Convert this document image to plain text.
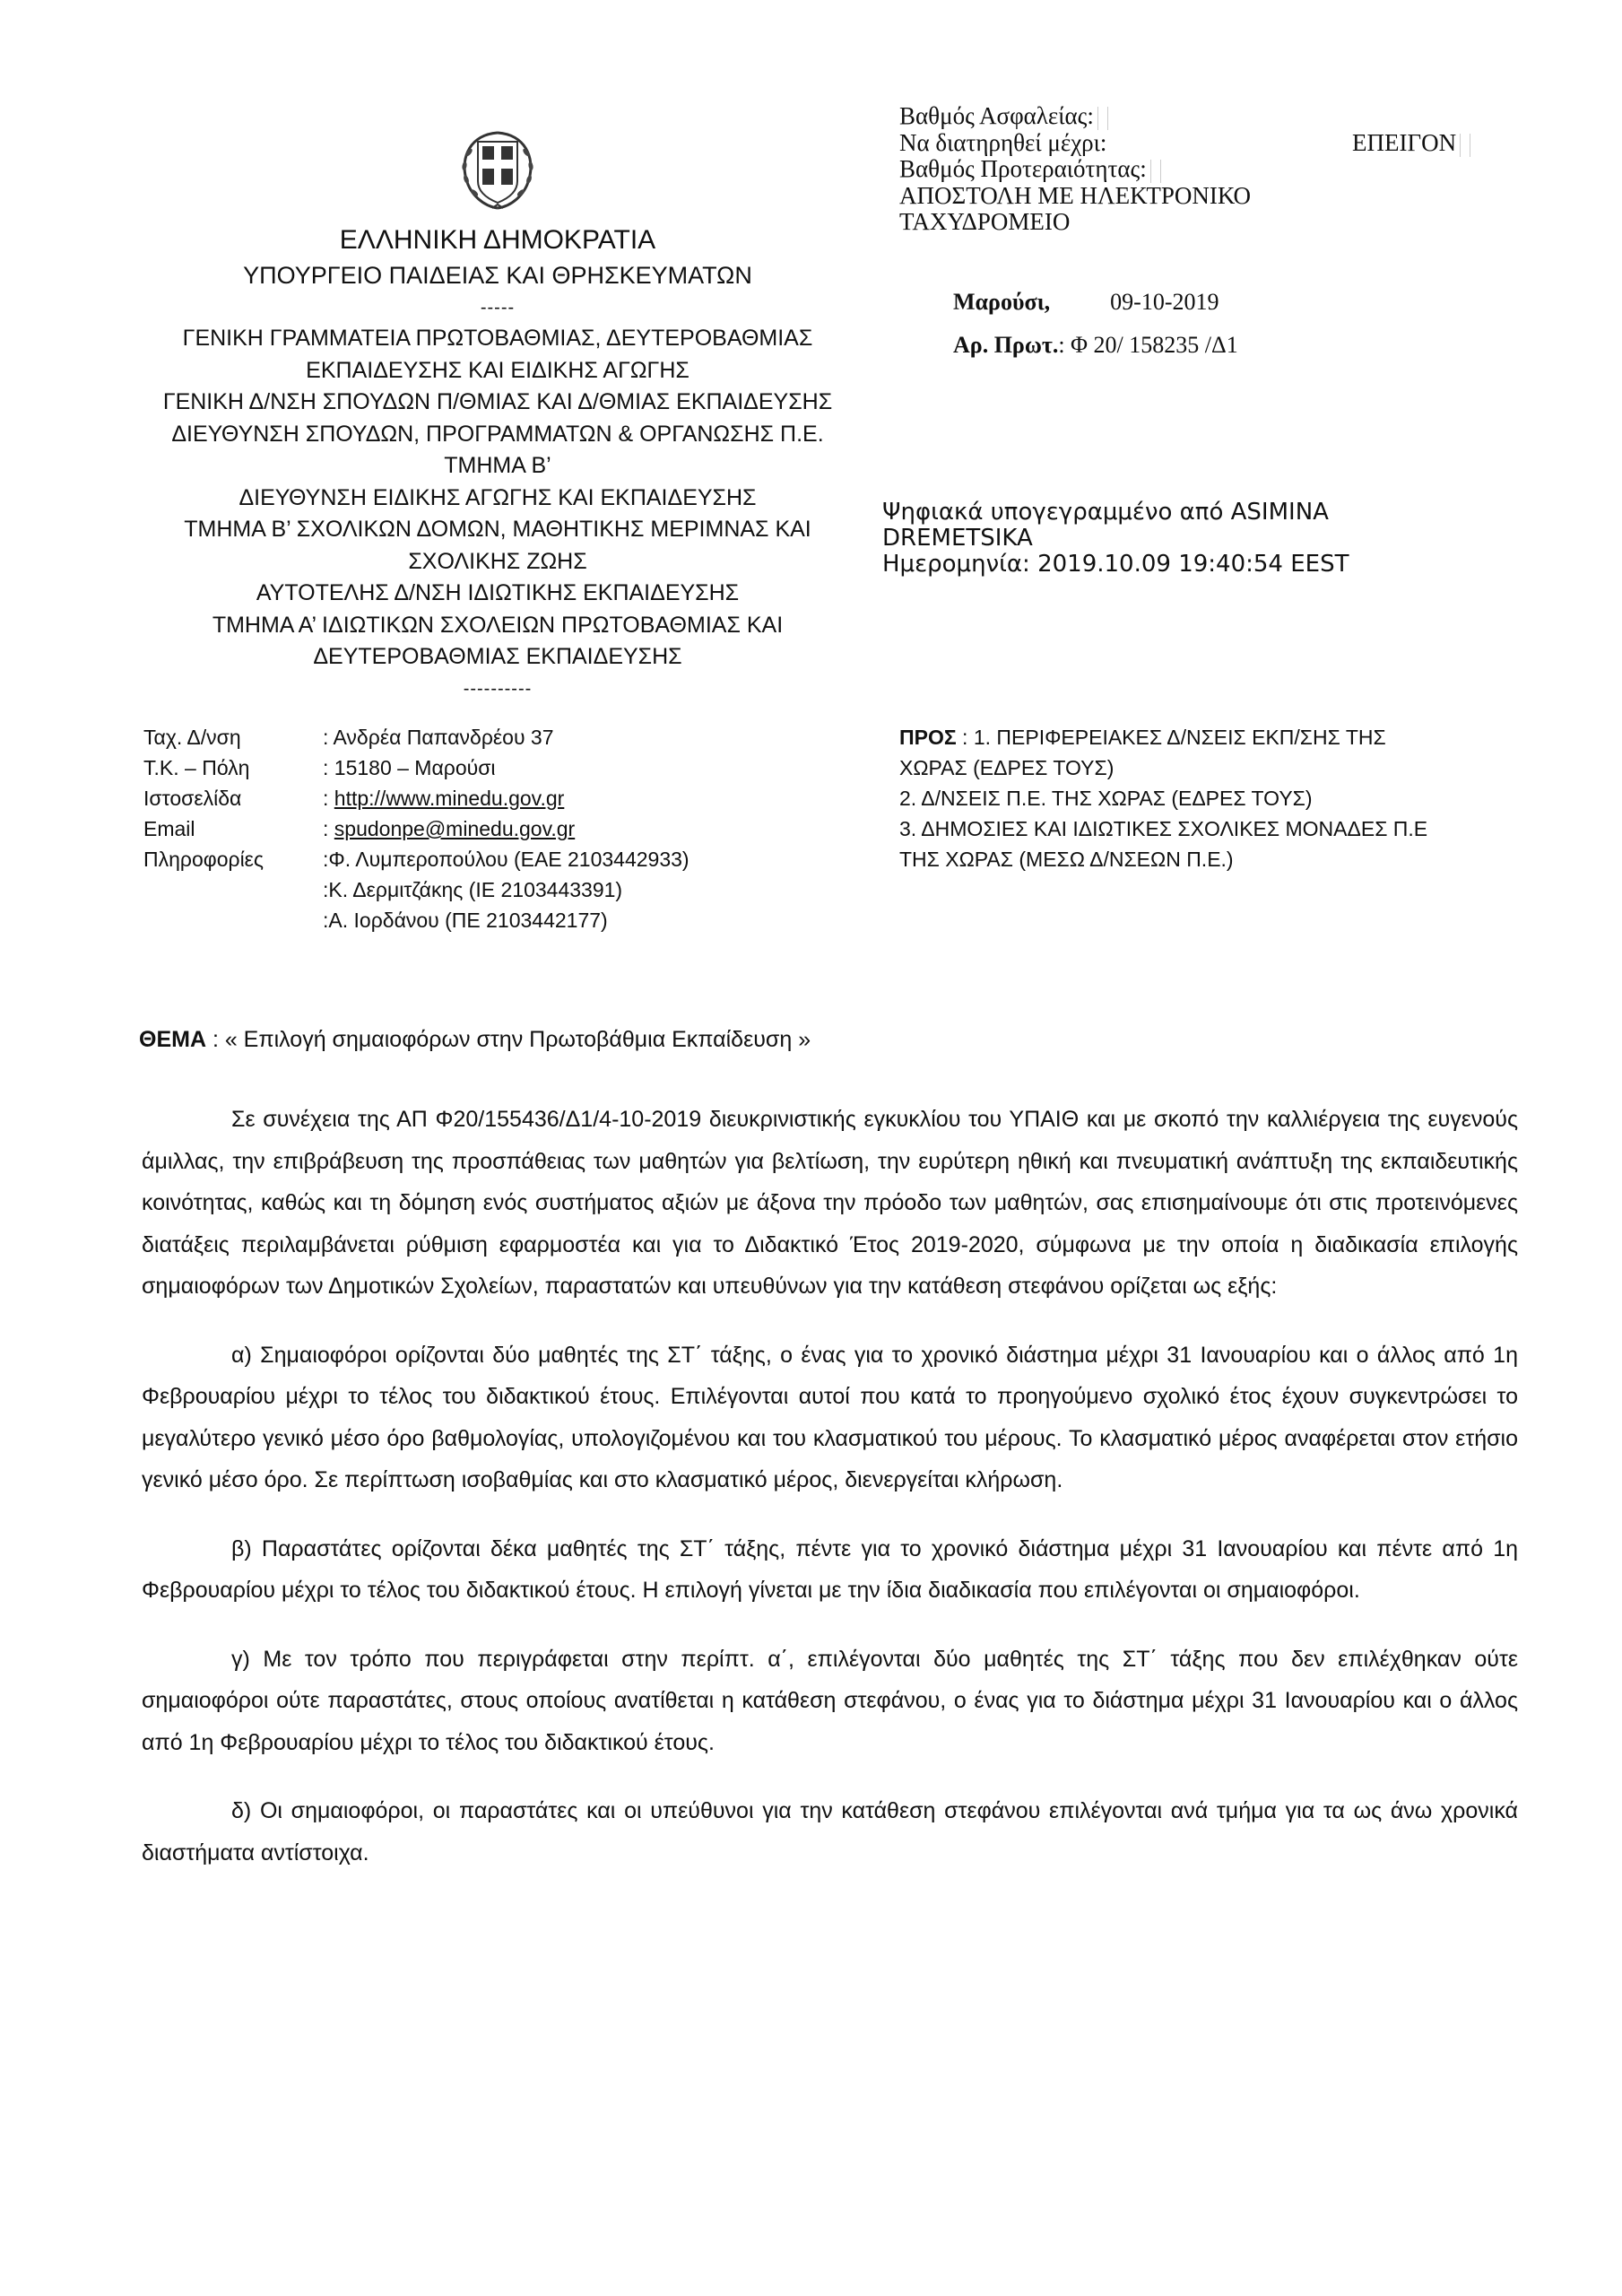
ΕΛΛΗΝΙΚΗ ΔΗΜΟΚΡΑΤΙΑ
ΥΠΟΥΡΓΕΙΟ ΠΑΙΔΕΙΑΣ ΚΑΙ ΘΡΗΣΚΕΥΜΑΤΩΝ
-----
ΓΕΝΙΚΗ ΓΡΑΜΜΑΤΕΙΑ ΠΡΩΤΟΒΑΘΜΙΑΣ, ΔΕΥΤΕΡΟΒΑΘΜΙΑΣ
ΕΚΠΑΙΔΕΥΣΗΣ ΚΑΙ ΕΙΔΙΚΗΣ ΑΓΩΓΗΣ
ΓΕΝΙΚΗ Δ/ΝΣΗ ΣΠΟΥΔΩΝ Π/ΘΜΙΑΣ ΚΑΙ Δ/ΘΜΙΑΣ ΕΚΠΑΙΔΕΥΣΗΣ
ΔΙΕΥΘΥΝΣΗ ΣΠΟΥΔΩΝ, ΠΡΟΓΡΑΜΜΑΤΩΝ & ΟΡΓΑΝΩΣΗΣ Π.Ε.
ΤΜΗΜΑ Β’
ΔΙΕΥΘΥΝΣΗ ΕΙΔΙΚΗΣ ΑΓΩΓΗΣ ΚΑΙ ΕΚΠΑΙΔΕΥΣΗΣ
ΤΜΗΜΑ Β’ ΣΧΟΛΙΚΩΝ ΔΟΜΩΝ, ΜΑΘΗΤΙΚΗΣ ΜΕΡΙΜΝΑΣ ΚΑΙ
ΣΧΟΛΙΚΗΣ ΖΩΗΣ
ΑΥΤΟΤΕΛΗΣ Δ/ΝΣΗ ΙΔΙΩΤΙΚΗΣ ΕΚΠΑΙΔΕΥΣΗΣ
ΤΜΗΜΑ Α’ ΙΔΙΩΤΙΚΩΝ ΣΧΟΛΕΙΩΝ ΠΡΩΤΟΒΑΘΜΙΑΣ ΚΑΙ
ΔΕΥΤΕΡΟΒΑΘΜΙΑΣ ΕΚΠΑΙΔΕΥΣΗΣ
----------
Βαθμός Ασφαλείας:
Να διατηρηθεί μέχρι:	ΕΠΕΙΓΟΝ
Βαθμός Προτεραιότητας:
ΑΠΟΣΤΟΛΗ ΜΕ ΗΛΕΚΤΡΟΝΙΚΟ
ΤΑΧΥΔΡΟΜΕΙΟ
Μαρούσι,	09-10-2019
Αρ. Πρωτ.: Φ 20/ 158235 /Δ1
Ψηφιακά υπογεγραμμένο από ASIMINA
DREMETSIKA
Ημερομηνία: 2019.10.09 19:40:54 EEST
Ταχ. Δ/νση	: Ανδρέα Παπανδρέου 37
Τ.Κ. – Πόλη	: 15180 – Μαρούσι
Ιστοσελίδα	: http://www.minedu.gov.gr
Email	: spudonpe@minedu.gov.gr
Πληροφορίες	:Φ. Λυμπεροπούλου (ΕΑΕ 2103442933)
:Κ. Δερμιτζάκης (ΙΕ 2103443391)
:Α. Ιορδάνου (ΠΕ 2103442177)
ΠΡΟΣ : 1. ΠΕΡΙΦΕΡΕΙΑΚΕΣ Δ/ΝΣΕΙΣ ΕΚΠ/ΣΗΣ ΤΗΣ
ΧΩΡΑΣ (ΕΔΡΕΣ ΤΟΥΣ)
2. Δ/ΝΣΕΙΣ Π.Ε. ΤΗΣ ΧΩΡΑΣ (ΕΔΡΕΣ ΤΟΥΣ)
3. ΔΗΜΟΣΙΕΣ ΚΑΙ ΙΔΙΩΤΙΚΕΣ ΣΧΟΛΙΚΕΣ ΜΟΝΑΔΕΣ Π.Ε
ΤΗΣ ΧΩΡΑΣ (ΜΕΣΩ Δ/ΝΣΕΩΝ Π.Ε.)
ΘΕΜΑ : « Επιλογή σημαιοφόρων στην Πρωτοβάθμια Εκπαίδευση »

Σε συνέχεια της ΑΠ Φ20/155436/Δ1/4-10-2019 διευκρινιστικής εγκυκλίου του ΥΠΑΙΘ και με σκοπό την καλλιέργεια της ευγενούς άμιλλας, την επιβράβευση της προσπάθειας των μαθητών για βελτίωση, την ευρύτερη ηθική και πνευματική ανάπτυξη της εκπαιδευτικής κοινότητας, καθώς και τη δόμηση ενός συστήματος αξιών με άξονα την πρόοδο των μαθητών, σας επισημαίνουμε ότι στις προτεινόμενες διατάξεις περιλαμβάνεται ρύθμιση εφαρμοστέα και για το Διδακτικό Έτος 2019-2020, σύμφωνα με την οποία η διαδικασία επιλογής σημαιοφόρων των Δημοτικών Σχολείων, παραστατών και υπευθύνων για την κατάθεση στεφάνου ορίζεται ως εξής:

α) Σημαιοφόροι ορίζονται δύο μαθητές της ΣΤ΄ τάξης, ο ένας για το χρονικό διάστημα μέχρι 31 Ιανουαρίου και ο άλλος από 1η Φεβρουαρίου μέχρι το τέλος του διδακτικού έτους. Επιλέγονται αυτοί που κατά το προηγούμενο σχολικό έτος έχουν συγκεντρώσει το μεγαλύτερο γενικό μέσο όρο βαθμολογίας, υπολογιζομένου και του κλασματικού του μέρους. Το κλασματικό μέρος αναφέρεται στον ετήσιο γενικό μέσο όρο. Σε περίπτωση ισοβαθμίας και στο κλασματικό μέρος, διενεργείται κλήρωση.

β) Παραστάτες ορίζονται δέκα μαθητές της ΣΤ΄ τάξης, πέντε για το χρονικό διάστημα μέχρι 31 Ιανουαρίου και πέντε από 1η Φεβρουαρίου μέχρι το τέλος του διδακτικού έτους. Η επιλογή γίνεται με την ίδια διαδικασία που επιλέγονται οι σημαιοφόροι.

γ) Με τον τρόπο που περιγράφεται στην περίπτ. α΄, επιλέγονται δύο μαθητές της ΣΤ΄ τάξης που δεν επιλέχθηκαν ούτε σημαιοφόροι ούτε παραστάτες, στους οποίους ανατίθεται η κατάθεση στεφάνου, ο ένας για το διάστημα μέχρι 31 Ιανουαρίου και ο άλλος από 1η Φεβρουαρίου μέχρι το τέλος του διδακτικού έτους.

δ) Οι σημαιοφόροι, οι παραστάτες και οι υπεύθυνοι για την κατάθεση στεφάνου επιλέγονται ανά τμήμα για τα ως άνω χρονικά διαστήματα αντίστοιχα.
